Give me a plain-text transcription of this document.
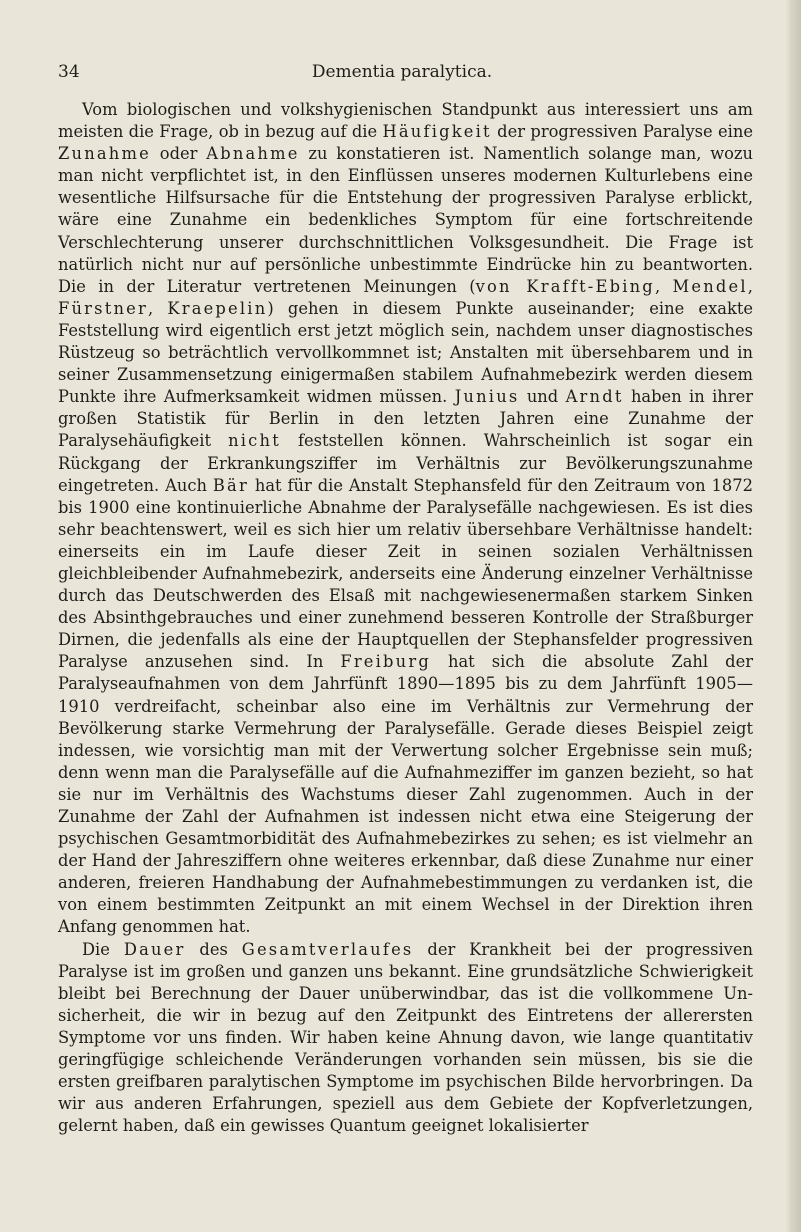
34	Dementia paralytica.

Vom biologischen und volkshygienischen Standpunkt aus interessiert uns am meisten die Frage, ob in bezug auf die Häufigkeit der progressiven Paralyse eine Zunahme oder Abnahme zu konstatieren ist. Namentlich solange man, wozu man nicht verpflichtet ist, in den Einflüssen unseres modernen Kulturlebens eine wesentliche Hilfsursache für die Entstehung der progressiven Paralyse erblickt, wäre eine Zunahme ein bedenkliches Symptom für eine fortschreitende Verschlechterung unserer durchschnittlichen Volksgesundheit. Die Frage ist natürlich nicht nur auf persönliche unbestimmte Eindrücke hin zu beantworten. Die in der Literatur vertretenen Meinungen (von Krafft-Ebing, Mendel, Fürstner, Kraepelin) gehen in diesem Punkte auseinander; eine exakte Feststellung wird eigentlich erst jetzt möglich sein, nachdem unser diagnostisches Rüstzeug so beträchtlich vervollkommnet ist; Anstalten mit übersehbarem und in seiner Zusammensetzung einigermaßen stabilem Aufnahmebezirk werden diesem Punkte ihre Aufmerksamkeit widmen müssen. Junius und Arndt haben in ihrer großen Statistik für Berlin in den letzten Jahren eine Zunahme der Paralysehäufigkeit nicht feststellen können. Wahrscheinlich ist sogar ein Rückgang der Erkrankungsziffer im Verhältnis zur Bevölkerungszunahme eingetreten. Auch Bär hat für die Anstalt Stephansfeld für den Zeitraum von 1872 bis 1900 eine kontinuierliche Abnahme der Paralysefälle nachgewiesen. Es ist dies sehr beachtenswert, weil es sich hier um relativ übersehbare Verhältnisse handelt: einerseits ein im Laufe dieser Zeit in seinen sozialen Verhältnissen gleichbleibender Aufnahmebezirk, anderseits eine Änderung einzelner Verhältnisse durch das Deutschwerden des Elsaß mit nachgewiesenermaßen starkem Sinken des Absinthgebrauches und einer zunehmend besseren Kontrolle der Straßburger Dirnen, die jedenfalls als eine der Hauptquellen der Stephansfelder progressiven Paralyse anzusehen sind. In Freiburg hat sich die absolute Zahl der Paralyseaufnahmen von dem Jahrfünft 1890—1895 bis zu dem Jahrfünft 1905—1910 verdreifacht, scheinbar also eine im Verhältnis zur Vermehrung der Bevölkerung starke Vermehrung der Paralysefälle. Gerade dieses Beispiel zeigt indessen, wie vorsichtig man mit der Verwertung solcher Ergebnisse sein muß; denn wenn man die Paralysefälle auf die Aufnahmeziffer im ganzen bezieht, so hat sie nur im Verhältnis des Wachstums dieser Zahl zugenommen. Auch in der Zunahme der Zahl der Aufnahmen ist indessen nicht etwa eine Steigerung der psychischen Gesamtmorbidität des Aufnahmebezirkes zu sehen; es ist vielmehr an der Hand der Jahresziffern ohne weiteres erkennbar, daß diese Zunahme nur einer anderen, freieren Handhabung der Aufnahmebestimmungen zu verdanken ist, die von einem bestimmten Zeitpunkt an mit einem Wechsel in der Direktion ihren Anfang genommen hat.

Die Dauer des Gesamtverlaufes der Krankheit bei der progressiven Paralyse ist im großen und ganzen uns bekannt. Eine grundsätzliche Schwierigkeit bleibt bei Berechnung der Dauer unüberwindbar, das ist die vollkommene Unsicherheit, die wir in bezug auf den Zeitpunkt des Eintretens der allerersten Symptome vor uns finden. Wir haben keine Ahnung davon, wie lange quantitativ geringfügige schleichende Veränderungen vorhanden sein müssen, bis sie die ersten greifbaren paralytischen Symptome im psychischen Bilde hervorbringen. Da wir aus anderen Erfahrungen, speziell aus dem Gebiete der Kopfverletzungen, gelernt haben, daß ein gewisses Quantum geeignet lokalisierter
